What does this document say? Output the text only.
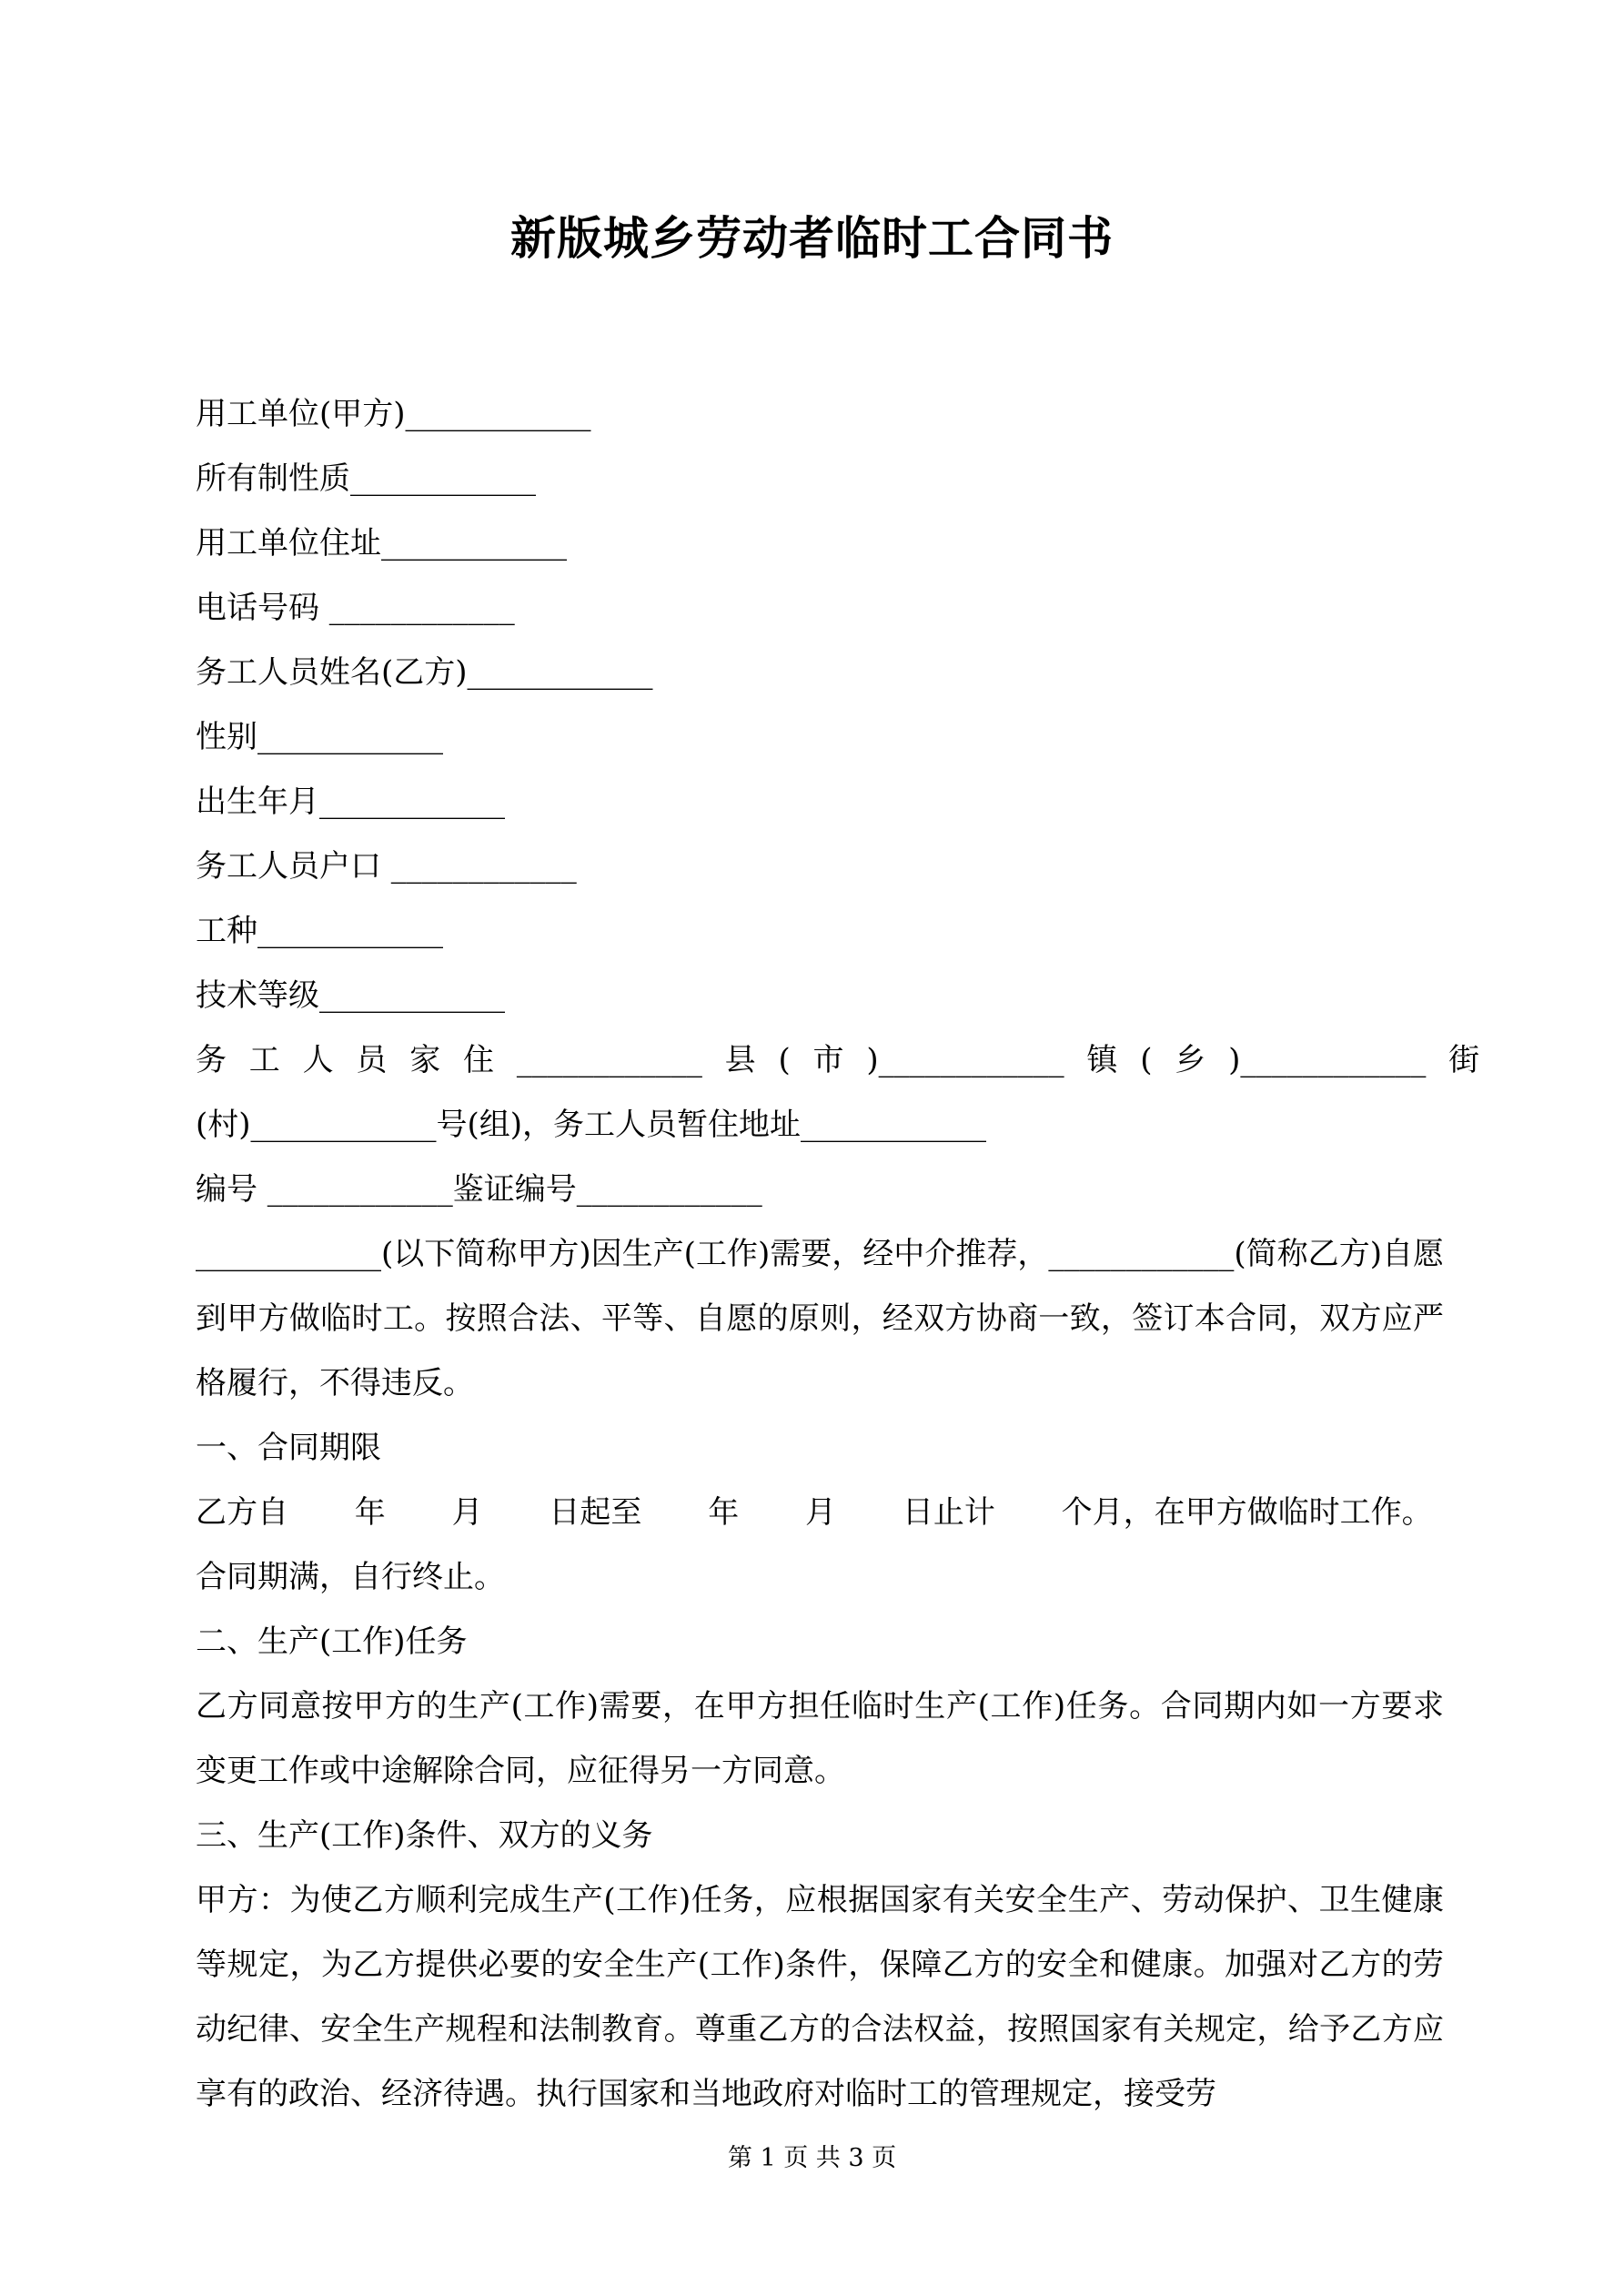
新版城乡劳动者临时工合同书
用工单位(甲方)____________
所有制性质____________
用工单位住址____________
电话号码 ____________
务工人员姓名(乙方)____________
性别____________
出生年月____________
务工人员户口 ____________
工种____________
技术等级____________
务 工 人 员 家 住 ____________ 县 ( 市 )____________ 镇 ( 乡 )____________ 街
(村)____________号(组)，务工人员暂住地址____________
编号 ____________鉴证编号____________
____________(以下简称甲方)因生产(工作)需要，经中介推荐，____________(简称乙方)自愿到甲方做临时工。按照合法、平等、自愿的原则，经双方协商一致，签订本合同，双方应严格履行，不得违反。
一、合同期限
乙方自 年 月 日起至 年 月 日止计 个月，在甲方做临时工作。
合同期满，自行终止。
二、生产(工作)任务
乙方同意按甲方的生产(工作)需要，在甲方担任临时生产(工作)任务。合同期内如一方要求变更工作或中途解除合同，应征得另一方同意。
三、生产(工作)条件、双方的义务
甲方：为使乙方顺利完成生产(工作)任务，应根据国家有关安全生产、劳动保护、卫生健康等规定，为乙方提供必要的安全生产(工作)条件，保障乙方的安全和健康。加强对乙方的劳动纪律、安全生产规程和法制教育。尊重乙方的合法权益，按照国家有关规定，给予乙方应享有的政治、经济待遇。执行国家和当地政府对临时工的管理规定，接受劳
第 1 页 共 3 页
